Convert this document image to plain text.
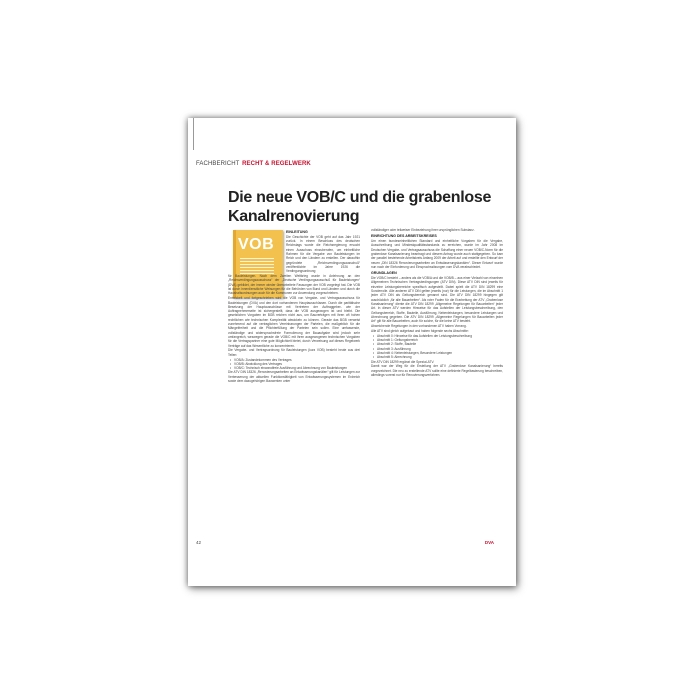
FACHBERICHT RECHT & REGELWERK
Die neue VOB/C und die grabenlose Kanalrenovierung
VOB

EINLEITUNG

Die Geschichte der VOB geht auf das Jahr 1921 zurück. In einem Beschluss des deutschen Reichstags wurde die Reichsregierung ersucht einen Ausschuss einzuberufen, um einheitliche Rahmen für die Vergabe von Bauleistungen im Reich und den Ländern zu erstellen. Der daraufhin gegründete „Reichsverdingungsausschuß“ veröffentlichte im Jahre 1926 die Verdingungsordnung

für Bauleistungen. Nach dem Zweiten Weltkrieg wurde in Anlehnung an den „Reichsverdingungsausschuss“ der „Deutsche Verdingungsausschuß für Bauleistungen“ (DVA) gebildet, der immer wieder überarbeitete Fassungen der VOB vorgelegt hat. Die VOB ist durch innerdienstliche Weisungen für die Behörden von Bund und Ländern und durch die Haushaltsordnungen auch für die Kommunen zur Anwendung vorgeschrieben.

Entwickelt und fortgeschrieben wird die VOB von Vergabe- und Vertragsausschuss für Bauleistungen (DVA) und den dort vorhandenen Hauptausschüssen. Durch die paritätische Besetzung der Hauptausschüsse mit Vertretern der Auftraggeber- wie der Auftragnehmerseite ist sichergestellt, dass die VOB ausgewogen ist und bleibt. Die gesetzlichen Vorgaben im BGB reichen nicht aus, um Bauverträgen mit ihren oft hohen rechtlichen wie technischen Komplexität abwickeln zu können. Gerade das BGB verweist zunehmend auf die vertraglichen Vereinbarungen der Parteien, die maßgeblich für die Mängelfreiheit und die Pflichterfüllung der Parteien sein sollen. Eine umfassende, vollständige und widerspruchsfreie Formulierung der Bauaufgabe wird jedoch sehr umfangreich, weswegen gerade die VOB/C mit ihren ausgewogenen technischen Vorgaben für die Vertragspartner eine gute Möglichkeit bietet, durch Verweisung auf dieses Regelwerk Verträge auf das Wesentliche zu konzentrieren.

Die Vergabe- und Vertragsordnung für Bauleistungen (kurz VOB) besteht heute aus drei Teilen:

• VOB/A: Zustandekommen des Vertrages
• VOB/B: Abwicklung des Vertrages
• VOB/C: Technisch einwandfreie Ausführung und Abrechnung von Bauleistungen

Die ATV DIN 18326 „Renovierungsarbeiten an Entwässerungskanälen“ gilt für Leistungen zur Verbesserung der aktuellen Funktionsfähigkeit von Entwässerungssystemen im Erdreich sowie dem dazugehörigen Bauwerken unter

vollständiger oder teilweiser Einbeziehung ihrer ursprünglichen Substanz.

EINRICHTUNG DES ARBEITSKREISES

Um einen bundeseinheitlichen Standard und einheitliche Vorgaben für die Vergabe, Ausschreibung und Mindestqualitätsstandards zu erreichen, wurde im Jahr 2008 im Deutschen Vergabe- und Vertragsausschuss die Schaffung einer neuen VOB/C-Norm für die grabenlose Kanalsanierung beantragt und diesem Antrag wurde auch stattgegeben. So kam der parallel bestehende Arbeitskreis Anfang 2009 der Arbeit auf und erstellte den Entwurf der neuen „DIN 18326 Renovierungsarbeiten an Entwässerungskanälen“. Dieser Entwurf wurde nun nach der Einforderung und Einspruchssitzungen vom DVA verabschiedet.

GRUNDLAGEN

Die VOB/C besteht – anders als die VOB/A und die VOB/B – aus einer Vielzahl von einzelnen Allgemeinen Technischen Vertragsbedingungen (ATV DIN). Diese ATV DIN sind jeweils für einzelne Leistungsbereiche spezifisch aufgestellt. Dabei spielt die ATV DIN 18299 eine Sonderrolle. Alle anderen ATV DIN gelten jeweils (nur) für die Leistungen, die im Abschnitt 1 jeder ATV DIN als Geltungsbereich genannt sind. Die ATV DIN 18299 hingegen gilt ausdrücklich „für alle Bauarbeiten“. Als roter Faden für die Erarbeitung der ATV „Grabenlose Kanalsanierung“ diente die ATV DIN 18299 „Allgemeine Regelungen für Bauarbeiten“ jeder Art. In dieser ATV werden Hinweise für das Aufstellen der Leistungsbeschreibung, den Geltungsbereich, Stoffe, Bauteile, Ausführung, Nebenleistungen, besondere Leistungen und Abrechnung gegeben. Die ATV DIN 18299 „Allgemeine Regelungen für Bauarbeiten jeder Art“ gilt für alle Bauarbeiten, auch für solche, für die keine ATV besteht.

Abweichende Regelungen in den vorhandenen ATV haben Vorrang.

Alle ATV sind gleich aufgebaut und haben folgende sechs Abschnitte:

• Abschnitt 0: Hinweise für das Aufstellen der Leistungsbeschreibung
• Abschnitt 1: Geltungsbereich
• Abschnitt 2: Stoffe, Bauteile
• Abschnitt 3: Ausführung
• Abschnitt 4: Nebenleistungen, Besondere Leistungen
• Abschnitt 5: Abrechnung

Die ATV DIN 18299 ergänzt die Spezial-ATV.

Damit war der Weg für die Erstellung der ATV „Grabenlose Kanalsanierung“ bereits vorgezeichnet. Die neu zu erstellende ATV sollte eine definierte Regelbasierung beschreiben, allerdings vorerst nur für Renovierungsverfahren.

42	DVA
